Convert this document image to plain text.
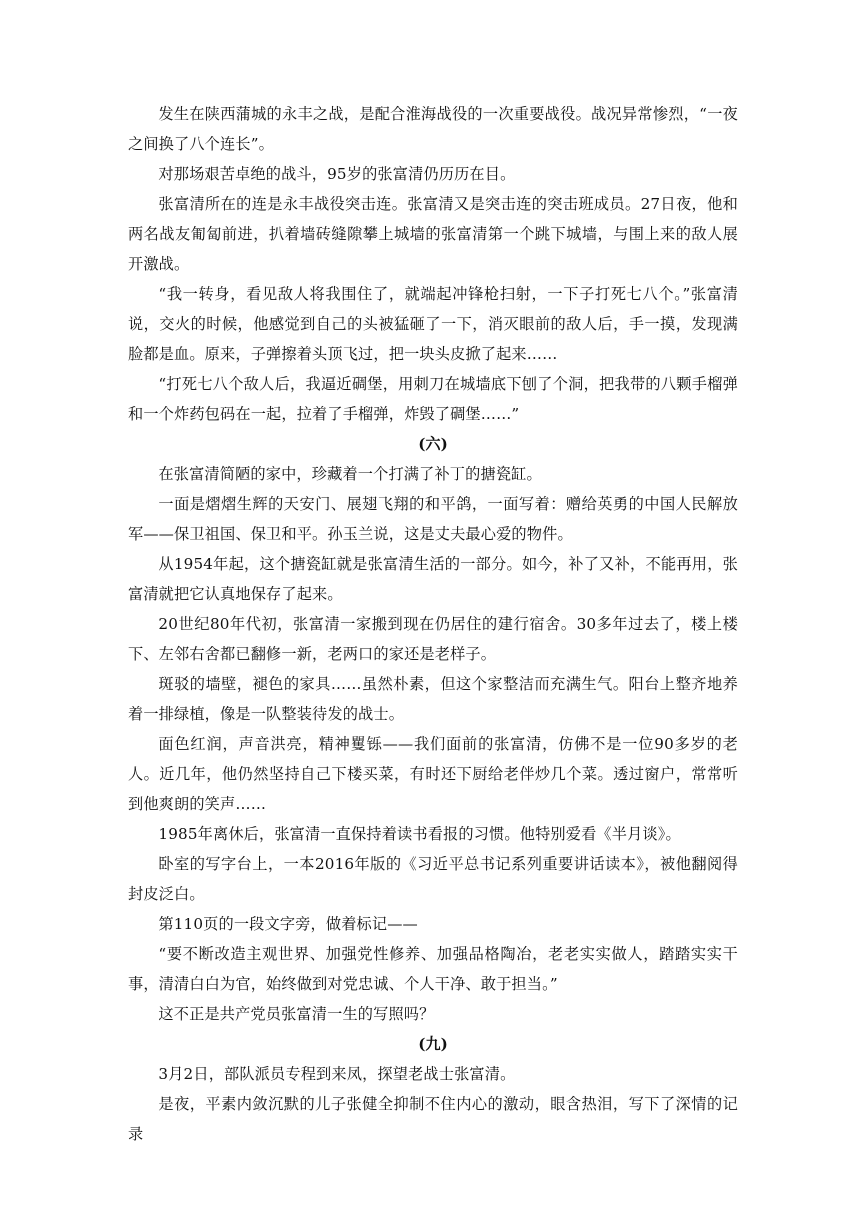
发生在陕西蒲城的永丰之战，是配合淮海战役的一次重要战役。战况异常惨烈，“一夜之间换了八个连长”。

对那场艰苦卓绝的战斗，95岁的张富清仍历历在目。

张富清所在的连是永丰战役突击连。张富清又是突击连的突击班成员。27日夜，他和两名战友匍匐前进，扒着墙砖缝隙攀上城墙的张富清第一个跳下城墙，与围上来的敌人展开激战。

“我一转身，看见敌人将我围住了，就端起冲锋枪扫射，一下子打死七八个。”张富清说，交火的时候，他感觉到自己的头被猛砸了一下，消灭眼前的敌人后，手一摸，发现满脸都是血。原来，子弹擦着头顶飞过，把一块头皮掀了起来……

“打死七八个敌人后，我逼近碉堡，用刺刀在城墙底下刨了个洞，把我带的八颗手榴弹和一个炸药包码在一起，拉着了手榴弹，炸毁了碉堡……”

(六)

在张富清简陋的家中，珍藏着一个打满了补丁的搪瓷缸。

一面是熠熠生辉的天安门、展翅飞翔的和平鸽，一面写着：赠给英勇的中国人民解放军——保卫祖国、保卫和平。孙玉兰说，这是丈夫最心爱的物件。

从1954年起，这个搪瓷缸就是张富清生活的一部分。如今，补了又补，不能再用，张富清就把它认真地保存了起来。

20世纪80年代初，张富清一家搬到现在仍居住的建行宿舍。30多年过去了，楼上楼下、左邻右舍都已翻修一新，老两口的家还是老样子。

斑驳的墙壁，褪色的家具……虽然朴素，但这个家整洁而充满生气。阳台上整齐地养着一排绿植，像是一队整装待发的战士。

面色红润，声音洪亮，精神矍铄——我们面前的张富清，仿佛不是一位90多岁的老人。近几年，他仍然坚持自己下楼买菜，有时还下厨给老伴炒几个菜。透过窗户，常常听到他爽朗的笑声……

1985年离休后，张富清一直保持着读书看报的习惯。他特别爱看《半月谈》。

卧室的写字台上，一本2016年版的《习近平总书记系列重要讲话读本》，被他翻阅得封皮泛白。

第110页的一段文字旁，做着标记——

“要不断改造主观世界、加强党性修养、加强品格陶冶，老老实实做人，踏踏实实干事，清清白白为官，始终做到对党忠诚、个人干净、敢于担当。”

这不正是共产党员张富清一生的写照吗？

(九)

3月2日，部队派员专程到来凤，探望老战士张富清。

是夜，平素内敛沉默的儿子张健全抑制不住内心的激动，眼含热泪，写下了深情的记录
